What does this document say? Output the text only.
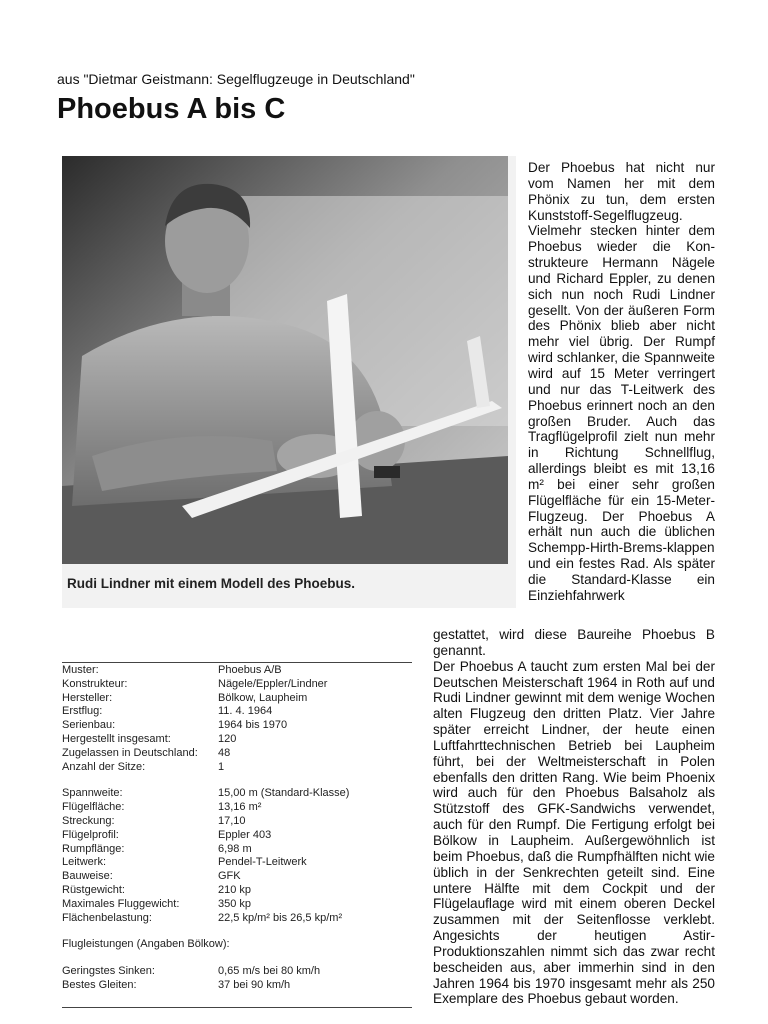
aus "Dietmar Geistmann: Segelflugzeuge in Deutschland"
Phoebus A bis C
Rudi Lindner mit einem Modell des Phoebus.

Der Phoebus hat nicht nur vom Namen her mit dem Phönix zu tun, dem ersten Kunststoff-Segelflugzeug. Vielmehr stecken hinter dem Phoebus wieder die Kon-strukteure Hermann Nägele und Richard Eppler, zu denen sich nun noch Rudi Lindner gesellt. Von der äußeren Form des Phönix blieb aber nicht mehr viel übrig. Der Rumpf wird schlanker, die Spannweite wird auf 15 Meter verringert und nur das T-Leitwerk des Phoebus erinnert noch an den großen Bruder. Auch das Tragflügelprofil zielt nun mehr in Richtung Schnellflug, allerdings bleibt es mit 13,16 m² bei einer sehr großen Flügelfläche für ein 15-Meter-Flugzeug. Der Phoebus A erhält nun auch die üblichen Schempp-Hirth-Brems-klappen und ein festes Rad. Als später die Standard-Klasse ein Einziehfahrwerk

gestattet, wird diese Baureihe Phoebus B genannt.

Der Phoebus A taucht zum ersten Mal bei der Deutschen Meisterschaft 1964 in Roth auf und Rudi Lindner gewinnt mit dem wenige Wochen alten Flugzeug den dritten Platz. Vier Jahre später erreicht Lindner, der heute einen Luftfahrttechnischen Betrieb bei Laupheim führt, bei der Weltmeisterschaft in Polen ebenfalls den dritten Rang. Wie beim Phoenix wird auch für den Phoebus Balsaholz als Stützstoff des GFK-Sandwichs verwendet, auch für den Rumpf. Die Fertigung erfolgt bei Bölkow in Laupheim. Außergewöhnlich ist beim Phoebus, daß die Rumpfhälften nicht wie üblich in der Senkrechten geteilt sind. Eine untere Hälfte mit dem Cockpit und der Flügelauflage wird mit einem oberen Deckel zusammen mit der Seitenflosse verklebt. Angesichts der heutigen Astir-Produktionszahlen nimmt sich das zwar recht bescheiden aus, aber immerhin sind in den Jahren 1964 bis 1970 insgesamt mehr als 250 Exemplare des Phoebus gebaut worden.

Muster:	Phoebus A/B
Konstrukteur:	Nägele/Eppler/Lindner
Hersteller:	Bölkow, Laupheim
Erstflug:	11. 4. 1964
Serienbau:	1964 bis 1970
Hergestellt insgesamt:	120
Zugelassen in Deutschland:	48
Anzahl der Sitze:	1
Spannweite:	15,00 m (Standard-Klasse)
Flügelfläche:	13,16 m²
Streckung:	17,10
Flügelprofil:	Eppler 403
Rumpflänge:	6,98 m
Leitwerk:	Pendel-T-Leitwerk
Bauweise:	GFK
Rüstgewicht:	210 kp
Maximales Fluggewicht:	350 kp
Flächenbelastung:	22,5 kp/m² bis 26,5 kp/m²
Flugleistungen (Angaben Bölkow):
Geringstes Sinken:	0,65 m/s bei 80 km/h
Bestes Gleiten:	37 bei 90 km/h
